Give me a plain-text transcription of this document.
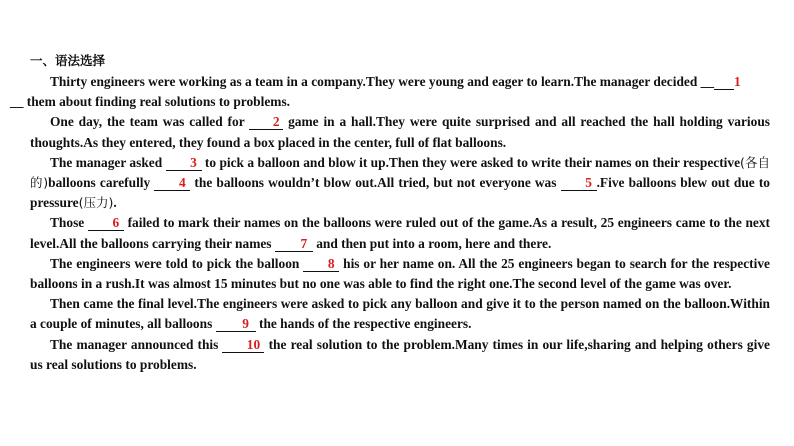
一、语法选择

Thirty engineers were working as a team in a company.They were young and eager to learn.The manager decided __ 1
__ them about finding real solutions to problems.

One day, the team was called for 2 game in a hall.They were quite surprised and all reached the hall holding various thoughts.As they entered, they found a box placed in the center, full of flat balloons.

The manager asked 3 to pick a balloon and blow it up.Then they were asked to write their names on their respective(各自的)balloons carefully 4 the balloons wouldn’t blow out.All tried, but not everyone was 5 .Five balloons blew out due to pressure(压力).

Those 6 failed to mark their names on the balloons were ruled out of the game.As a result, 25 engineers came to the next level.All the balloons carrying their names 7 and then put into a room, here and there.

The engineers were told to pick the balloon 8 his or her name on. All the 25 engineers began to search for the respective balloons in a rush.It was almost 15 minutes but no one was able to find the right one.The second level of the game was over.

Then came the final level.The engineers were asked to pick any balloon and give it to the person named on the balloon.Within a couple of minutes, all balloons 9 the hands of the respective engineers.

The manager announced this 10 the real solution to the problem.Many times in our life,sharing and helping others give us real solutions to problems.
